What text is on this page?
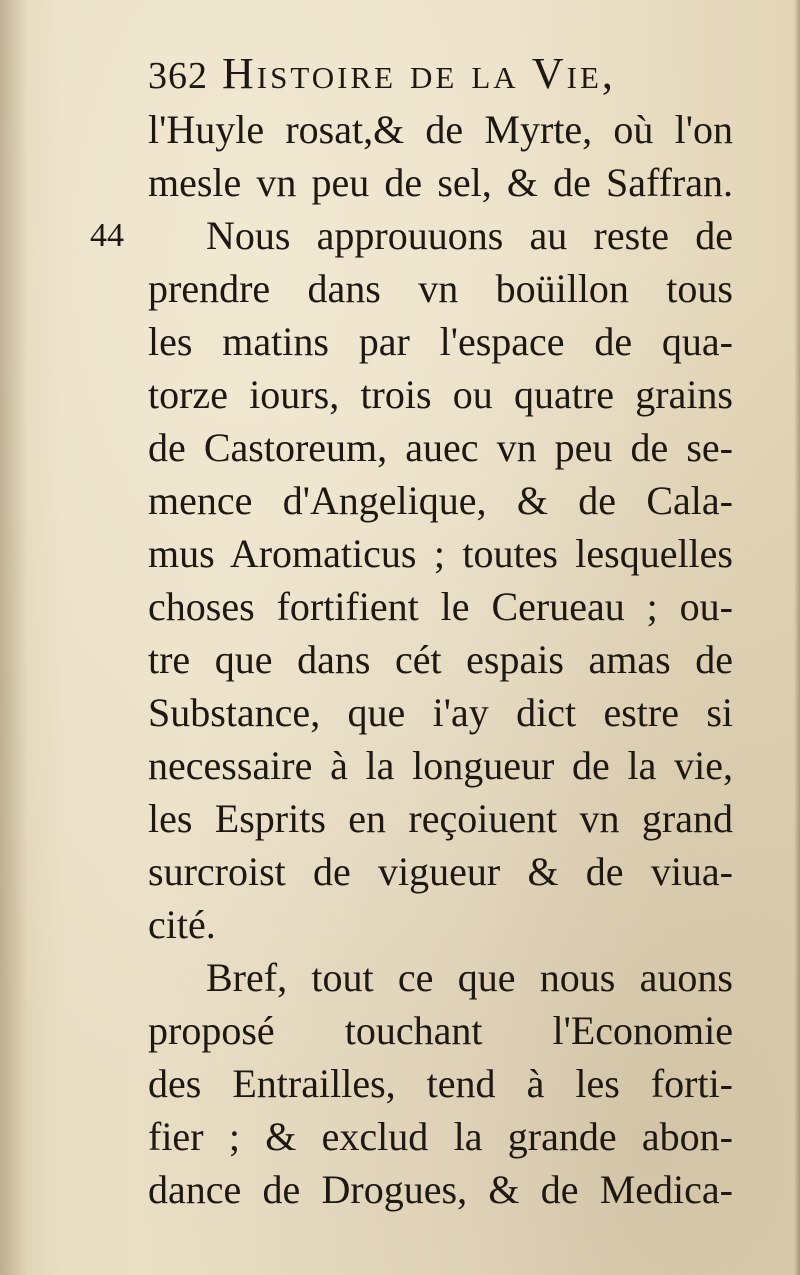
362 Histoire de la Vie,
44
l'Huyle rosat,& de Myrte, où l'on
mesle vn peu de sel, & de Saffran.
Nous approuuons au reste de
prendre dans vn boüillon tous
les matins par l'espace de qua-
torze iours, trois ou quatre grains
de Castoreum, auec vn peu de se-
mence d'Angelique, & de Cala-
mus Aromaticus ; toutes lesquelles
choses fortifient le Cerueau ; ou-
tre que dans cét espais amas de
Substance, que i'ay dict estre si
necessaire à la longueur de la vie,
les Esprits en reçoiuent vn grand
surcroist de vigueur & de viua-
cité.
Bref, tout ce que nous auons
proposé touchant l'Economie
des Entrailles, tend à les forti-
fier ; & exclud la grande abon-
dance de Drogues, & de Medica-
